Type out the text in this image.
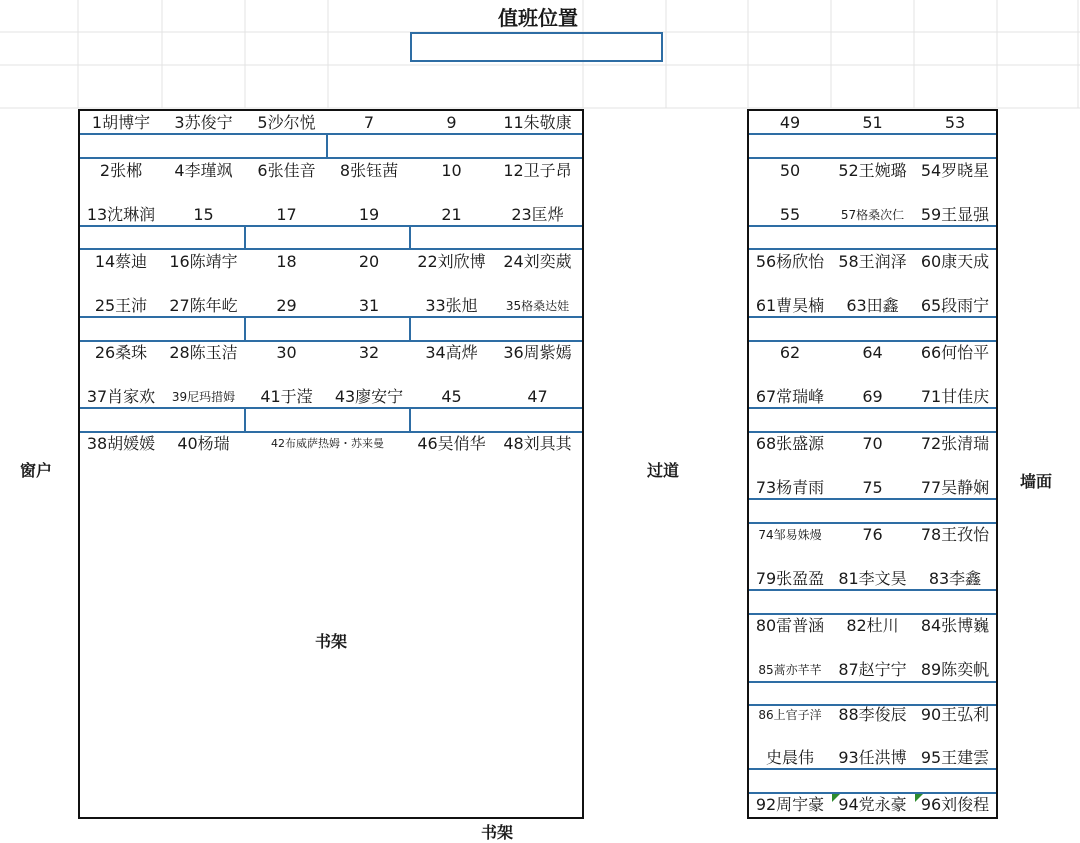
值班位置
窗户	过道
墙面
书架
书架
1胡博宇	3苏俊宁	5沙尔悦	7	9	11朱敬康
2张郴	4李瑾飒	6张佳音	8张钰茜	10	12卫子昂
13沈琳润	15	17	19	21	23匡烨
14蔡迪	16陈靖宇	18	20	22刘欣博	24刘奕葳
25王沛	27陈年屹	29	31	33张旭	35格桑达娃
26桑珠	28陈玉洁	30	32	34高烨	36周紫嫣
37肖家欢	39尼玛措姆	41于滢	43廖安宁	45	47
38胡媛媛	40杨瑞	42布威萨热姆・苏来曼	46吴俏华	48刘具其
49	51	53
50	52王婉璐 54罗晓星
55	57格桑次仁	59王显强
56杨欣怡 58王润泽 60康天成
61曹昊楠	63田鑫	65段雨宁
62	64	66何怡平
67常瑞峰	69	71甘佳庆
68张盛源	70	72张清瑞
73杨青雨	75	77吴静娴
74邹易姝熳	76	78王孜怡
79张盈盈 81李文昊	83李鑫
80雷普涵	82杜川	84张博巍
85蒿亦芊芊	87赵宁宁 89陈奕帆
86上官子洋	88李俊辰 90王弘利
史晨伟	93任洪博 95王建雲
92周宇豪 94党永豪 96刘俊程
